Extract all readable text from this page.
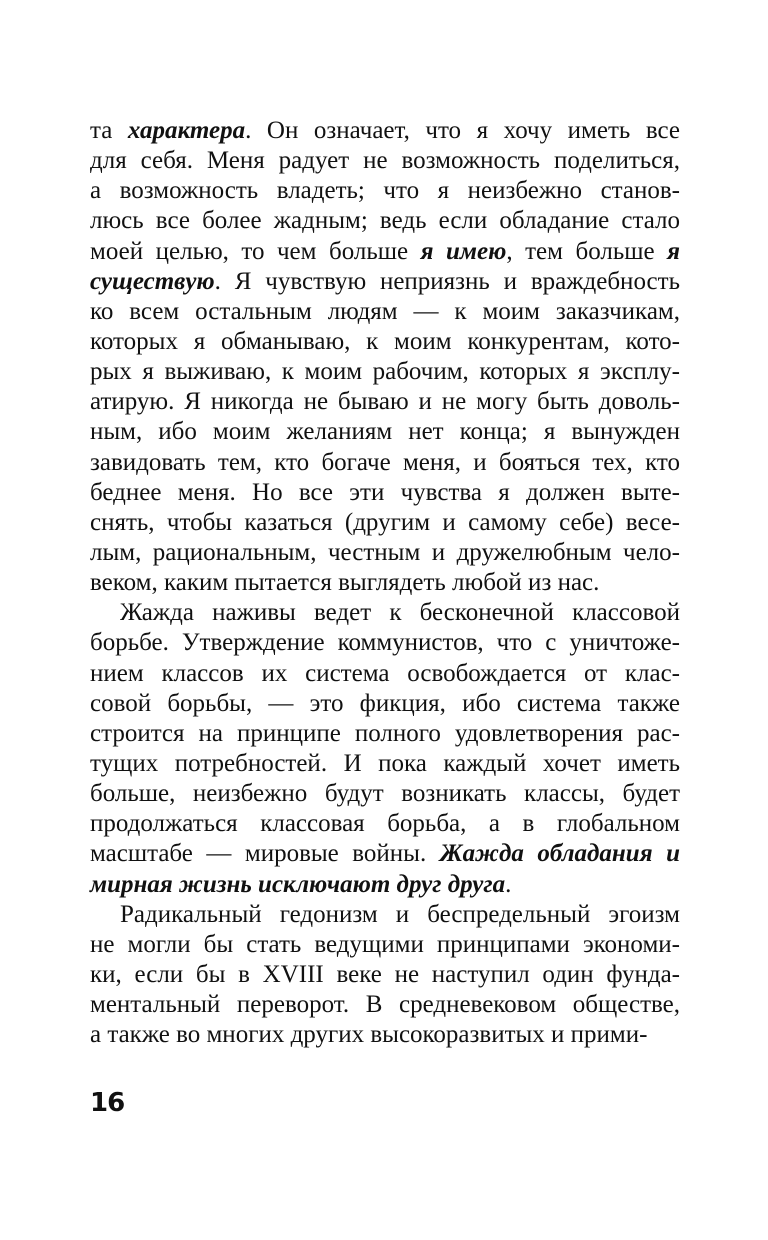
та характера. Он означает, что я хочу иметь все
для себя. Меня радует не возможность поделиться,
а возможность владеть; что я неизбежно станов-
люсь все более жадным; ведь если обладание стало
моей целью, то чем больше я имею, тем больше я
существую. Я чувствую неприязнь и враждебность
ко всем остальным людям — к моим заказчикам,
которых я обманываю, к моим конкурентам, кото-
рых я выживаю, к моим рабочим, которых я эксплу-
атирую. Я никогда не бываю и не могу быть доволь-
ным, ибо моим желаниям нет конца; я вынужден
завидовать тем, кто богаче меня, и бояться тех, кто
беднее меня. Но все эти чувства я должен выте-
снять, чтобы казаться (другим и самому себе) весе-
лым, рациональным, честным и дружелюбным чело-
веком, каким пытается выглядеть любой из нас.
Жажда наживы ведет к бесконечной классовой
борьбе. Утверждение коммунистов, что с уничтоже-
нием классов их система освобождается от клас-
совой борьбы, — это фикция, ибо система также
строится на принципе полного удовлетворения рас-
тущих потребностей. И пока каждый хочет иметь
больше, неизбежно будут возникать классы, будет
продолжаться классовая борьба, а в глобальном
масштабе — мировые войны. Жажда обладания и
мирная жизнь исключают друг друга.
Радикальный гедонизм и беспредельный эгоизм
не могли бы стать ведущими принципами экономи-
ки, если бы в XVIII веке не наступил один фунда-
ментальный переворот. В средневековом обществе,
а также во многих других высокоразвитых и прими-
16
